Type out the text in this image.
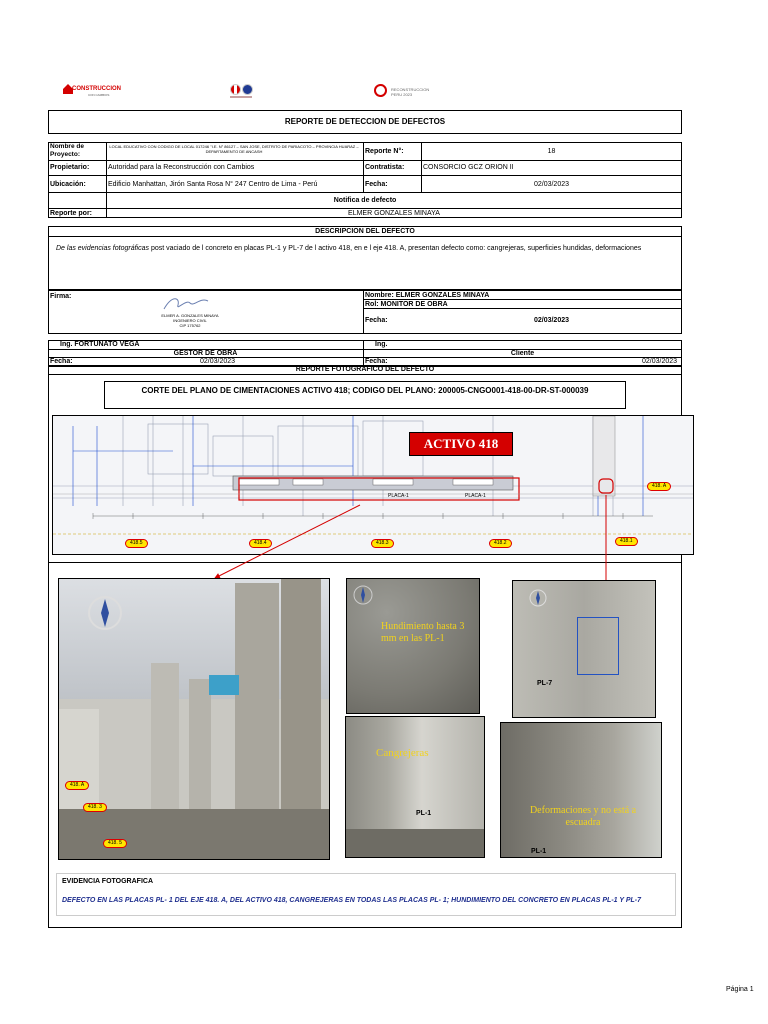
CONSTRUCCION
CON CAMBIOS
RECONSTRUCCION PERU 2023
REPORTE DE DETECCION DE DEFECTOS
Nombre de Proyecto:
LOCAL EDUCATIVO CON CODIGO DE LOCAL 017246 "I.E. N° 86127 – SAN JOSE, DISTRITO DE PARIACOTO – PROVINCIA HUARAZ – DEPARTAMENTO DE ANCASH	Reporte N°:	18
Propietario:	Autoridad para la Reconstrucción con Cambios	Contratista:	CONSORCIO GCZ ORION II
Ubicación:	Edificio Manhattan, Jirón Santa Rosa N° 247 Centro de Lima - Perú	Fecha:	02/03/2023
Notifica de defecto
Reporte por:	ELMER GONZALES MINAYA
DESCRIPCION DEL DEFECTO
De las evidencias fotográficas post vaciado de l concreto en placas PL-1 y PL-7 de l activo 418, en e l eje 418. A, presentan defecto como: cangrejeras, superficies hundidas, deformaciones
Firma:
ELMER A. GONZALES MINAYA
INGENIERO CIVIL
CIP 175762
Nombre: ELMER GONZALES MINAYA
Rol: MONITOR DE OBRA
Fecha:	02/03/2023
Ing. FORTUNATO VEGA
GESTOR DE OBRA
Fecha:	02/03/2023
Ing.
Cliente
Fecha:	02/03/2023
REPORTE FOTOGRAFICO DEL DEFECTO
CORTE DEL PLANO DE CIMENTACIONES ACTIVO 418; CODIGO DEL PLANO: 200005-CNGO001-418-00-DR-ST-000039
ACTIVO 418
PLACA-1	PLACA-1
418. A
418.5	418.4	418.3	418.2	418.1
418. A
418. 3
418. 5
Hundimiento hasta 3 mm en las PL-1
PL-7
Cangrejeras
PL-1	Deformaciones y no está a escuadra
PL-1
EVIDENCIA FOTOGRAFICA
DEFECTO EN LAS PLACAS PL- 1 DEL EJE 418. A, DEL ACTIVO 418, CANGREJERAS EN TODAS LAS PLACAS PL- 1; HUNDIMIENTO DEL CONCRETO EN PLACAS PL-1 Y PL-7
Página 1
